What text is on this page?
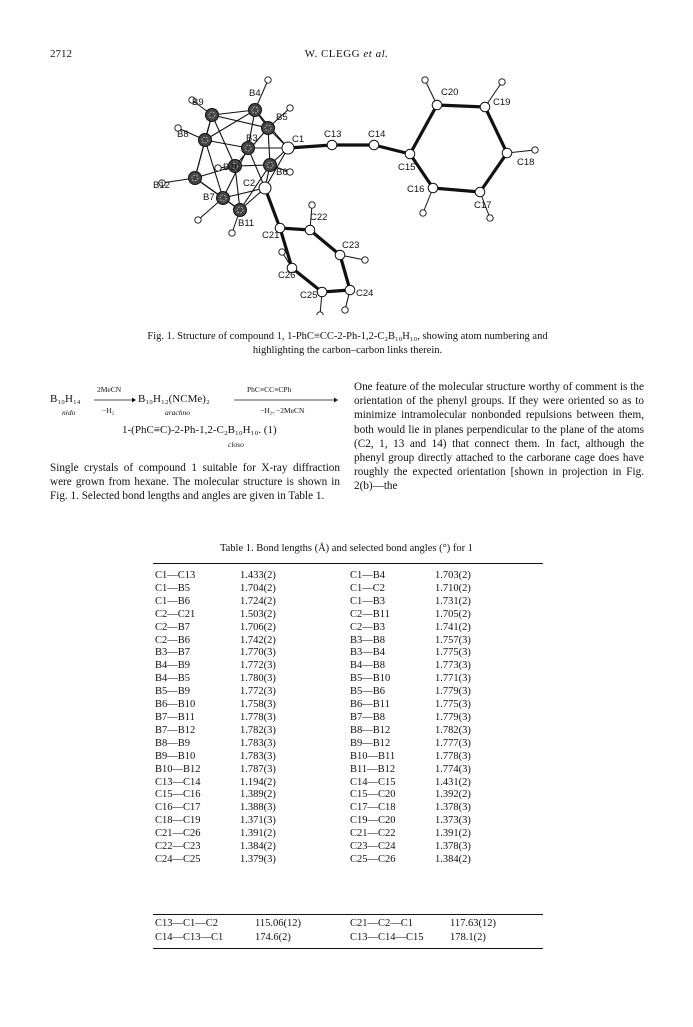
2712	W. CLEGG et al.
B9
B4
B5
C1 C13	C14
C20
C19
B8	B3
C15	C18
B10	B6
C16
C17
B12
B7
C2
B11
C22
C21
C23
C26
C24
C25
Fig. 1. Structure of compound 1, 1-PhC≡CC-2-Ph-1,2-C₂B₁₀H₁₀, showing atom numbering and
highlighting the carbon–carbon links therein.
B₁₀H₁₄
nido
2MeCN
−H₂
B₁₀H₁₂(NCMe)₂
arachno
PhC≡CC≡CPh
−H₂, −2MeCN
1-(PhC≡C)-2-Ph-1,2-C₂B₁₀H₁₀. (1)
closo
Single crystals of compound 1 suitable for X-ray diffraction were grown from hexane. The molecular structure is shown in Fig. 1. Selected bond lengths and angles are given in Table 1.
One feature of the molecular structure worthy of comment is the orientation of the phenyl groups. If they were oriented so as to minimize intramolecular nonbonded repulsions between them, both would lie in planes perpendicular to the plane of the atoms (C2, 1, 13 and 14) that connect them. In fact, although the phenyl group directly attached to the carborane cage does have roughly the expected orientation [shown in projection in Fig. 2(b)—the
Table 1. Bond lengths (Å) and selected bond angles (°) for 1
C1—C13	1.433(2)	C1—B4	1.703(2)
C1—B5	1.704(2)	C1—C2	1.710(2)
C1—B6	1.724(2)	C1—B3	1.731(2)
C2—C21	1.503(2)	C2—B11	1.705(2)
C2—B7	1.706(2)	C2—B3	1.741(2)
C2—B6	1.742(2)	B3—B8	1.757(3)
B3—B7	1.770(3)	B3—B4	1.775(3)
B4—B9	1.772(3)	B4—B8	1.773(3)
B4—B5	1.780(3)	B5—B10	1.771(3)
B5—B9	1.772(3)	B5—B6	1.779(3)
B6—B10	1.758(3)	B6—B11	1.775(3)
B7—B11	1.778(3)	B7—B8	1.779(3)
B7—B12	1.782(3)	B8—B12	1.782(3)
B8—B9	1.783(3)	B9—B12	1.777(3)
B9—B10	1.783(3)	B10—B11	1.778(3)
B10—B12	1.787(3)	B11—B12	1.774(3)
C13—C14	1.194(2)	C14—C15	1.431(2)
C15—C16	1.389(2)	C15—C20	1.392(2)
C16—C17	1.388(3)	C17—C18	1.378(3)
C18—C19	1.371(3)	C19—C20	1.373(3)
C21—C26	1.391(2)	C21—C22	1.391(2)
C22—C23	1.384(2)	C23—C24	1.378(3)
C24—C25	1.379(3)	C25—C26	1.384(2)
C13—C1—C2	115.06(12)	C21—C2—C1	117.63(12)
C14—C13—C1	174.6(2)	C13—C14—C15	178.1(2)
